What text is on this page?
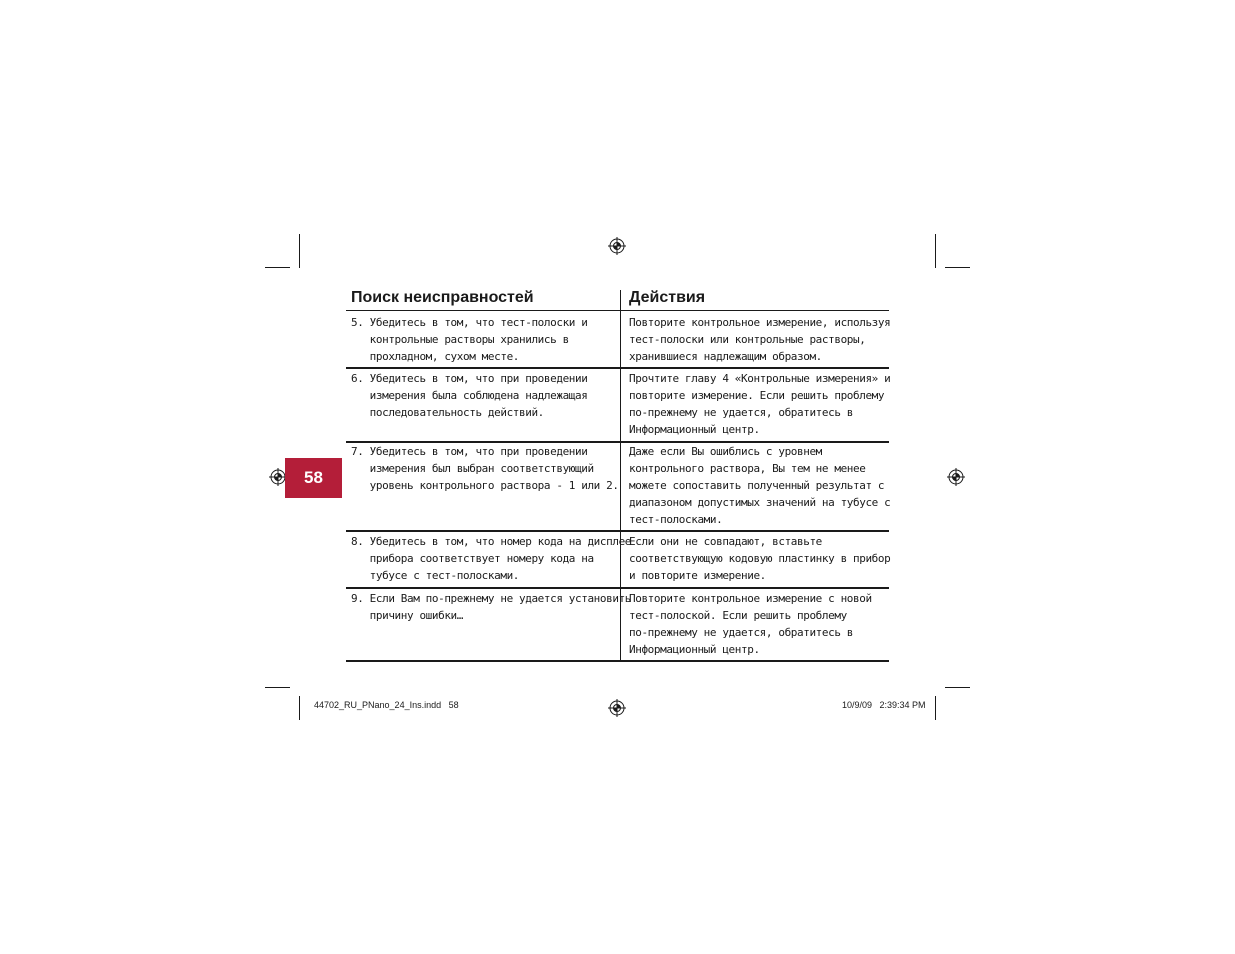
58
Поиск неисправностей	Действия
5. Убедитесь в том, что тест-полоски и
контрольные растворы хранились в
прохладном, сухом месте.
Повторите контрольное измерение, используя
тест-полоски или контрольные растворы,
хранившиеся надлежащим образом.
6. Убедитесь в том, что при проведении
измерения была соблюдена надлежащая
последовательность действий.
Прочтите главу 4 «Контрольные измерения» и
повторите измерение. Если решить проблему
по-прежнему не удается, обратитесь в
Информационный центр.
7. Убедитесь в том, что при проведении
измерения был выбран соответствующий
уровень контрольного раствора - 1 или 2.
Даже если Вы ошиблись с уровнем
контрольного раствора, Вы тем не менее
можете сопоставить полученный результат с
диапазоном допустимых значений на тубусе с
тест-полосками.
8. Убедитесь в том, что номер кода на дисплее
прибора соответствует номеру кода на
тубусе с тест-полосками.
Если они не совпадают, вставьте
соответствующую кодовую пластинку в прибор
и повторите измерение.
9. Если Вам по-прежнему не удается установить
причину ошибки…
Повторите контрольное измерение с новой
тест-полоской. Если решить проблему
по-прежнему не удается, обратитесь в
Информационный центр.
44702_RU_PNano_24_Ins.indd   58	10/9/09   2:39:34 PM
